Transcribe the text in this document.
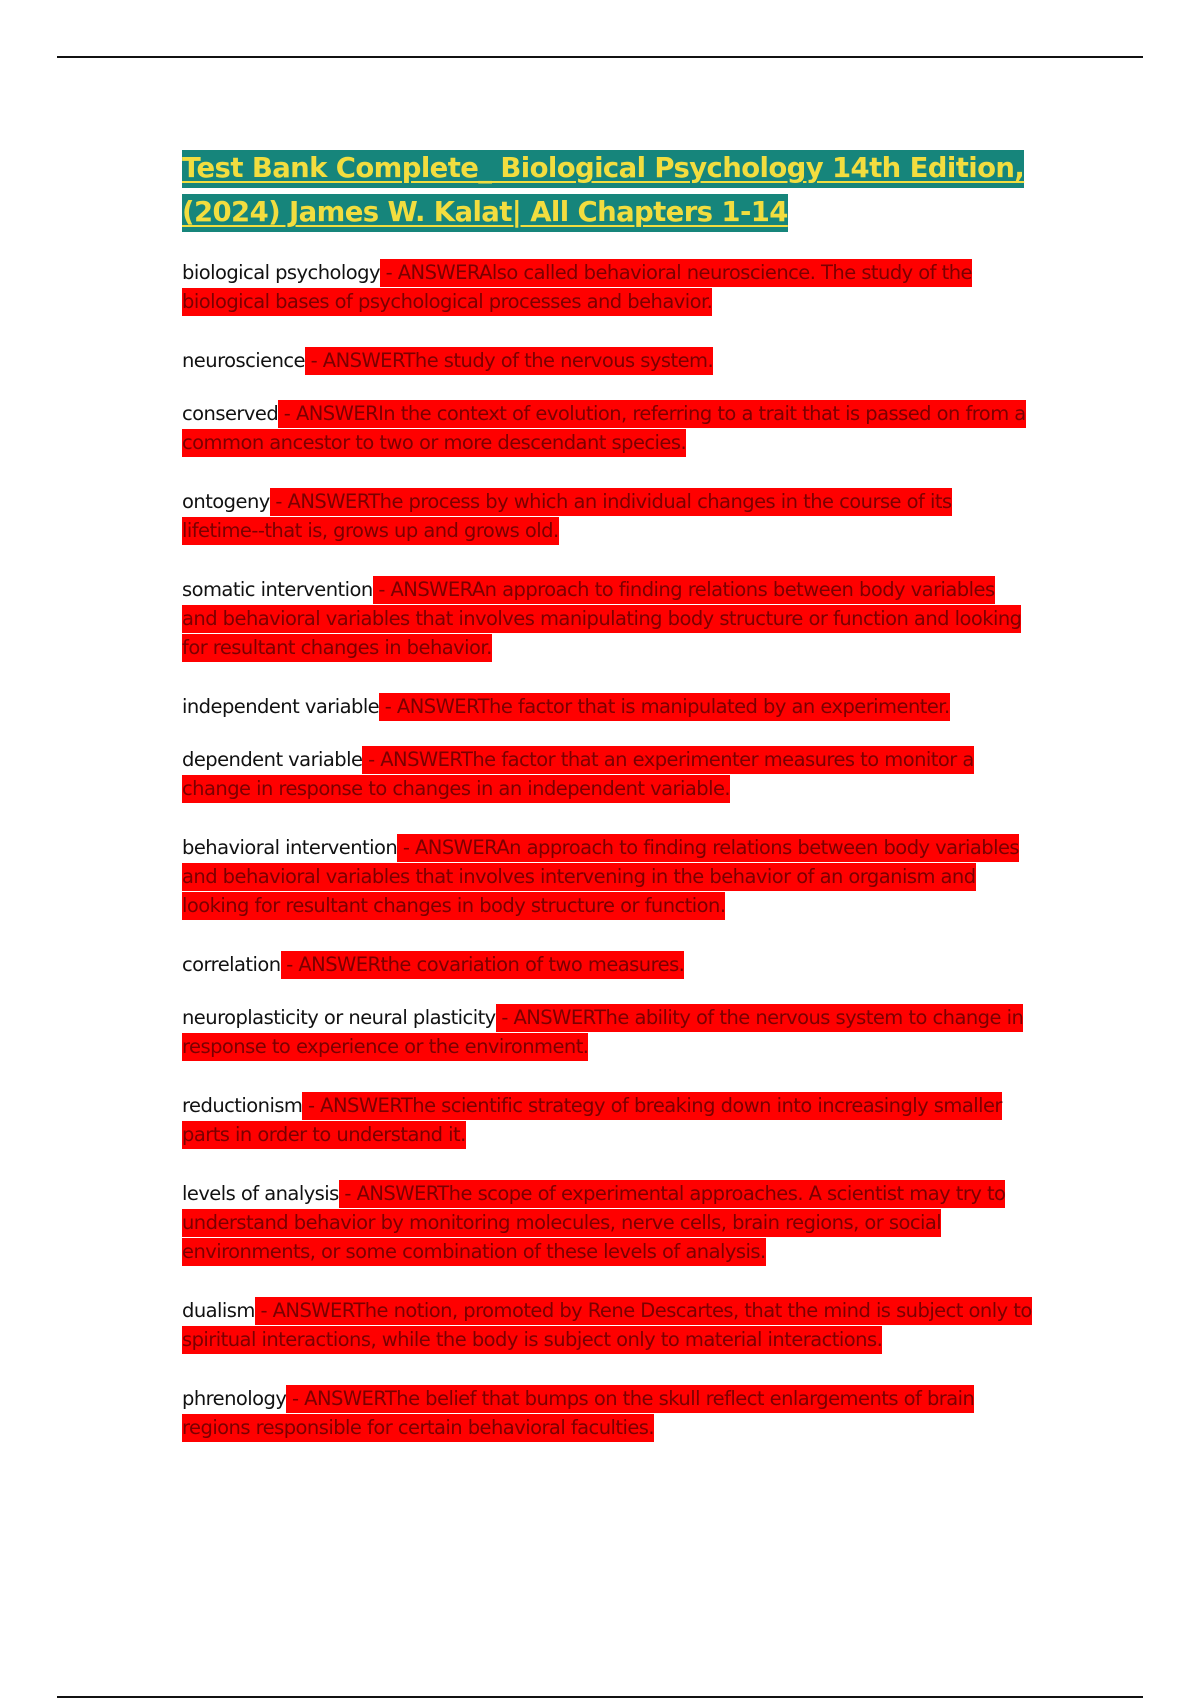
Test Bank Complete_ Biological Psychology 14th Edition, (2024) James W. Kalat| All Chapters 1-14

biological psychology - ANSWERAlso called behavioral neuroscience. The study of the biological bases of psychological processes and behavior.

neuroscience - ANSWERThe study of the nervous system.

conserved - ANSWERIn the context of evolution, referring to a trait that is passed on from a common ancestor to two or more descendant species.

ontogeny - ANSWERThe process by which an individual changes in the course of its lifetime--that is, grows up and grows old.

somatic intervention - ANSWERAn approach to finding relations between body variables and behavioral variables that involves manipulating body structure or function and looking for resultant changes in behavior.

independent variable - ANSWERThe factor that is manipulated by an experimenter.

dependent variable - ANSWERThe factor that an experimenter measures to monitor a change in response to changes in an independent variable.

behavioral intervention - ANSWERAn approach to finding relations between body variables and behavioral variables that involves intervening in the behavior of an organism and looking for resultant changes in body structure or function.

correlation - ANSWERthe covariation of two measures.

neuroplasticity or neural plasticity - ANSWERThe ability of the nervous system to change in response to experience or the environment.

reductionism - ANSWERThe scientific strategy of breaking down into increasingly smaller parts in order to understand it.

levels of analysis - ANSWERThe scope of experimental approaches. A scientist may try to understand behavior by monitoring molecules, nerve cells, brain regions, or social environments, or some combination of these levels of analysis.

dualism - ANSWERThe notion, promoted by Rene Descartes, that the mind is subject only to spiritual interactions, while the body is subject only to material interactions.

phrenology - ANSWERThe belief that bumps on the skull reflect enlargements of brain regions responsible for certain behavioral faculties.
